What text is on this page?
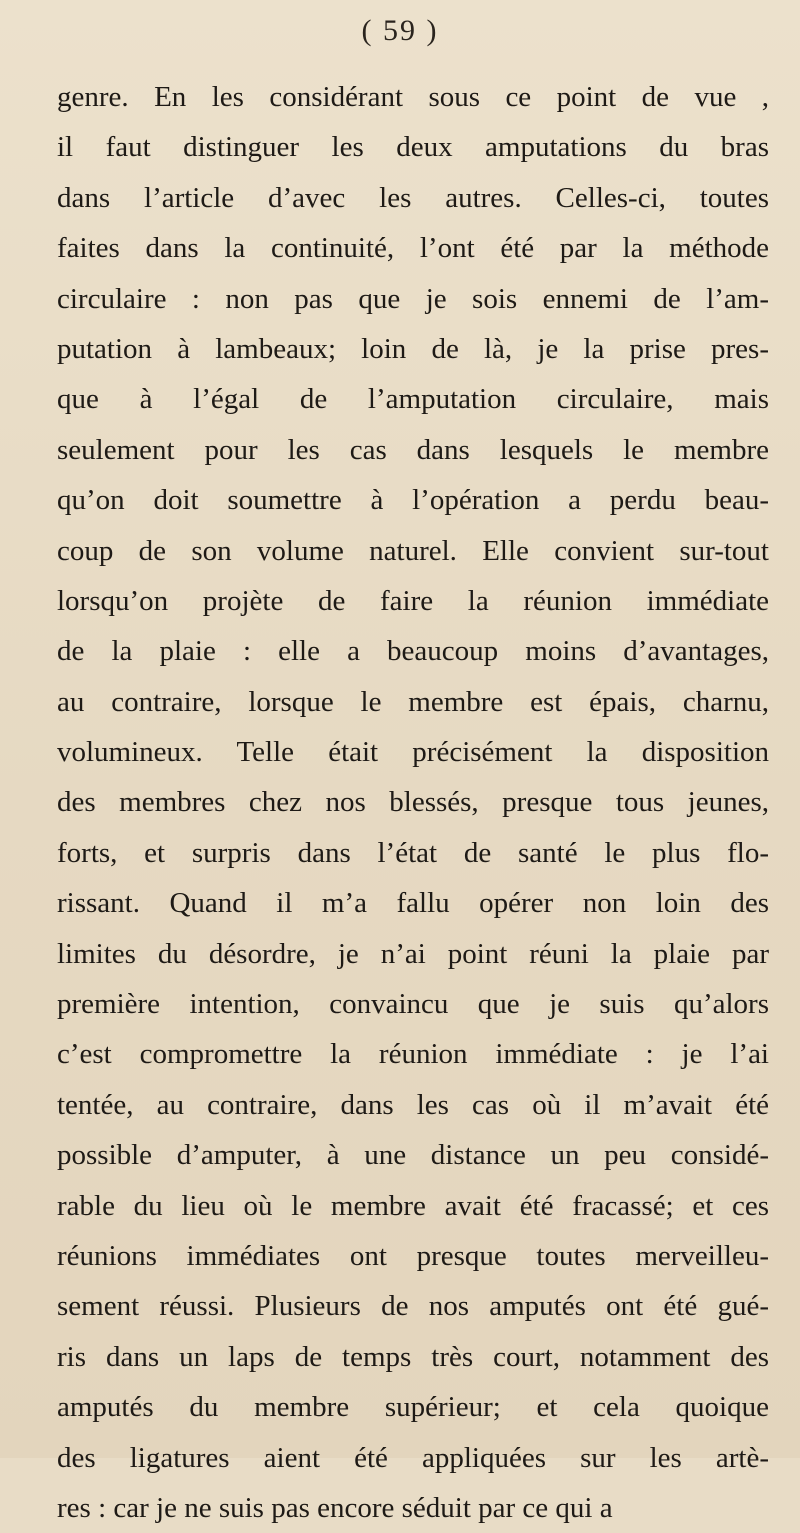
( 59 )
genre. En les considérant sous ce point de vue ,
il faut distinguer les deux amputations du bras
dans l’article d’avec les autres. Celles-ci, toutes
faites dans la continuité, l’ont été par la méthode
circulaire : non pas que je sois ennemi de l’am-
putation à lambeaux; loin de là, je la prise pres-
que à l’égal de l’amputation circulaire, mais
seulement pour les cas dans lesquels le membre
qu’on doit soumettre à l’opération a perdu beau-
coup de son volume naturel. Elle convient sur-tout
lorsqu’on projète de faire la réunion immédiate
de la plaie : elle a beaucoup moins d’avantages,
au contraire, lorsque le membre est épais, charnu,
volumineux. Telle était précisément la disposition
des membres chez nos blessés, presque tous jeunes,
forts, et surpris dans l’état de santé le plus flo-
rissant. Quand il m’a fallu opérer non loin des
limites du désordre, je n’ai point réuni la plaie par
première intention, convaincu que je suis qu’alors
c’est compromettre la réunion immédiate : je l’ai
tentée, au contraire, dans les cas où il m’avait été
possible d’amputer, à une distance un peu considé-
rable du lieu où le membre avait été fracassé; et ces
réunions immédiates ont presque toutes merveilleu-
sement réussi. Plusieurs de nos amputés ont été gué-
ris dans un laps de temps très court, notamment des
amputés du membre supérieur; et cela quoique
des ligatures aient été appliquées sur les artè-
res : car je ne suis pas encore séduit par ce qui a
